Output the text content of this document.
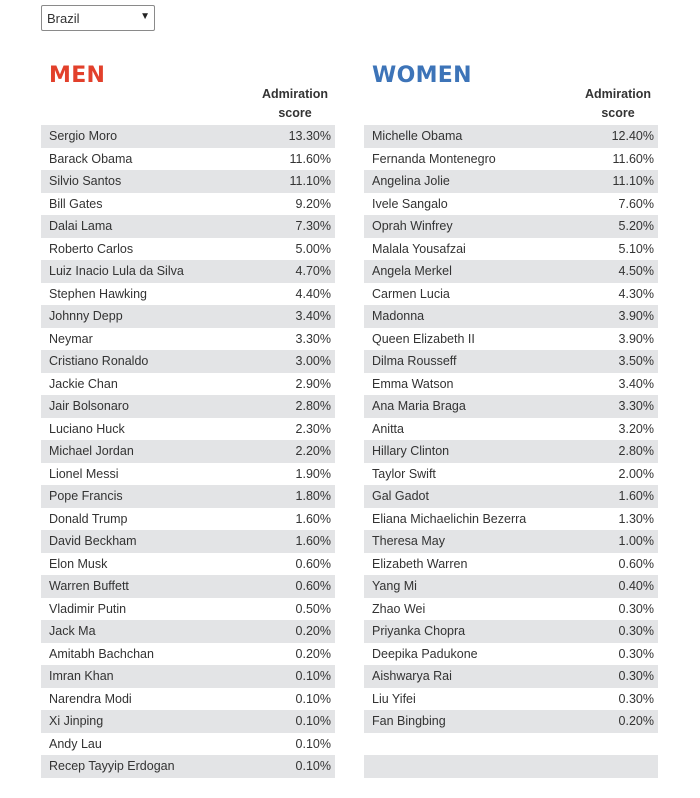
Brazil	▼
MEN
Admiration
score
Sergio Moro	13.30%
Barack Obama	11.60%
Silvio Santos	11.10%
Bill Gates	9.20%
Dalai Lama	7.30%
Roberto Carlos	5.00%
Luiz Inacio Lula da Silva	4.70%
Stephen Hawking	4.40%
Johnny Depp	3.40%
Neymar	3.30%
Cristiano Ronaldo	3.00%
Jackie Chan	2.90%
Jair Bolsonaro	2.80%
Luciano Huck	2.30%
Michael Jordan	2.20%
Lionel Messi	1.90%
Pope Francis	1.80%
Donald Trump	1.60%
David Beckham	1.60%
Elon Musk	0.60%
Warren Buffett	0.60%
Vladimir Putin	0.50%
Jack Ma	0.20%
Amitabh Bachchan	0.20%
Imran Khan	0.10%
Narendra Modi	0.10%
Xi Jinping	0.10%
Andy Lau	0.10%
Recep Tayyip Erdogan	0.10%
WOMEN
Admiration
score
Michelle Obama	12.40%
Fernanda Montenegro	11.60%
Angelina Jolie	11.10%
Ivele Sangalo	7.60%
Oprah Winfrey	5.20%
Malala Yousafzai	5.10%
Angela Merkel	4.50%
Carmen Lucia	4.30%
Madonna	3.90%
Queen Elizabeth II	3.90%
Dilma Rousseff	3.50%
Emma Watson	3.40%
Ana Maria Braga	3.30%
Anitta	3.20%
Hillary Clinton	2.80%
Taylor Swift	2.00%
Gal Gadot	1.60%
Eliana Michaelichin Bezerra	1.30%
Theresa May	1.00%
Elizabeth Warren	0.60%
Yang Mi	0.40%
Zhao Wei	0.30%
Priyanka Chopra	0.30%
Deepika Padukone	0.30%
Aishwarya Rai	0.30%
Liu Yifei	0.30%
Fan Bingbing	0.20%
